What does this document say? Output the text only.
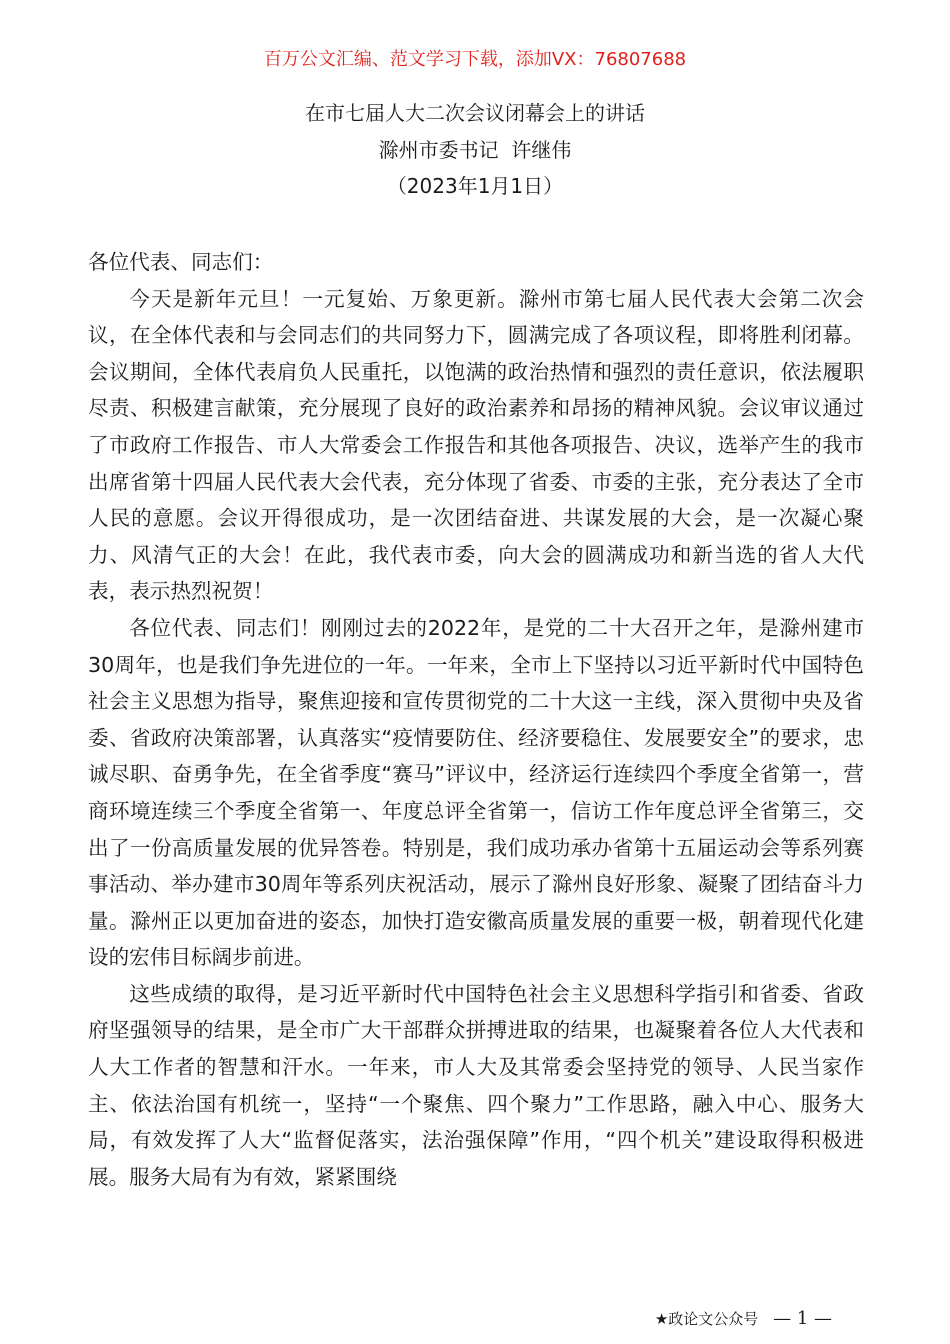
百万公文汇编、范文学习下载，添加VX：76807688
在市七届人大二次会议闭幕会上的讲话
滁州市委书记  许继伟
（2023年1月1日）

各位代表、同志们：

今天是新年元旦！一元复始、万象更新。滁州市第七届人民代表大会第二次会议，在全体代表和与会同志们的共同努力下，圆满完成了各项议程，即将胜利闭幕。会议期间，全体代表肩负人民重托，以饱满的政治热情和强烈的责任意识，依法履职尽责、积极建言献策，充分展现了良好的政治素养和昂扬的精神风貌。会议审议通过了市政府工作报告、市人大常委会工作报告和其他各项报告、决议，选举产生的我市出席省第十四届人民代表大会代表，充分体现了省委、市委的主张，充分表达了全市人民的意愿。会议开得很成功，是一次团结奋进、共谋发展的大会，是一次凝心聚力、风清气正的大会！在此，我代表市委，向大会的圆满成功和新当选的省人大代表，表示热烈祝贺！

各位代表、同志们！刚刚过去的2022年，是党的二十大召开之年，是滁州建市30周年，也是我们争先进位的一年。一年来，全市上下坚持以习近平新时代中国特色社会主义思想为指导，聚焦迎接和宣传贯彻党的二十大这一主线，深入贯彻中央及省委、省政府决策部署，认真落实“疫情要防住、经济要稳住、发展要安全”的要求，忠诚尽职、奋勇争先，在全省季度“赛马”评议中，经济运行连续四个季度全省第一，营商环境连续三个季度全省第一、年度总评全省第一，信访工作年度总评全省第三，交出了一份高质量发展的优异答卷。特别是，我们成功承办省第十五届运动会等系列赛事活动、举办建市30周年等系列庆祝活动，展示了滁州良好形象、凝聚了团结奋斗力量。滁州正以更加奋进的姿态，加快打造安徽高质量发展的重要一极，朝着现代化建设的宏伟目标阔步前进。

这些成绩的取得，是习近平新时代中国特色社会主义思想科学指引和省委、省政府坚强领导的结果，是全市广大干部群众拼搏进取的结果，也凝聚着各位人大代表和人大工作者的智慧和汗水。一年来，市人大及其常委会坚持党的领导、人民当家作主、依法治国有机统一，坚持“一个聚焦、四个聚力”工作思路，融入中心、服务大局，有效发挥了人大“监督促落实，法治强保障”作用，“四个机关”建设取得积极进展。服务大局有为有效，紧紧围绕

★政论文公众号 — 1 —
